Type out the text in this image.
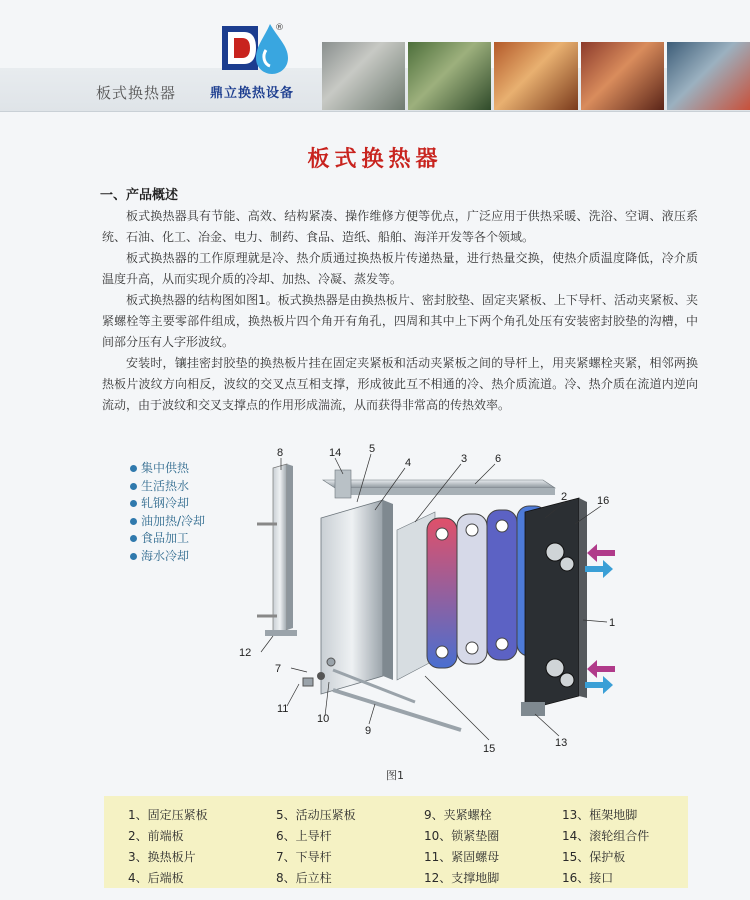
板式换热器
®
鼎立换热设备
板式换热器
一、产品概述

板式换热器具有节能、高效、结构紧凑、操作维修方便等优点，广泛应用于供热采暖、洗浴、空调、液压系统、石油、化工、冶金、电力、制药、食品、造纸、船舶、海洋开发等各个领域。

板式换热器的工作原理就是冷、热介质通过换热板片传递热量，进行热量交换，使热介质温度降低，冷介质温度升高，从而实现介质的冷却、加热、冷凝、蒸发等。

板式换热器的结构图如图1。板式换热器是由换热板片、密封胶垫、固定夹紧板、上下导杆、活动夹紧板、夹紧螺栓等主要零部件组成，换热板片四个角开有角孔，四周和其中上下两个角孔处压有安装密封胶垫的沟槽，中间部分压有人字形波纹。

安装时，镶挂密封胶垫的换热板片挂在固定夹紧板和活动夹紧板之间的导杆上，用夹紧螺栓夹紧，相邻两换热板片波纹方向相反，波纹的交叉点互相支撑，形成彼此互不相通的冷、热介质流道。冷、热介质在流道内逆向流动，由于波纹和交叉支撑点的作用形成湍流，从而获得非常高的传热效率。

集中供热
生活热水
轧钢冷却
油加热/冷却
食品加工
海水冷却
8	14	5
4	3	6
2	16
1
12
7
11
10
9
15	13
图1
1、固定压紧板	5、活动压紧板	9、夹紧螺栓	13、框架地脚
2、前端板	6、上导杆	10、锁紧垫圈	14、滚轮组合件
3、换热板片	7、下导杆	11、紧固螺母	15、保护板
4、后端板	8、后立柱	12、支撑地脚	16、接口
